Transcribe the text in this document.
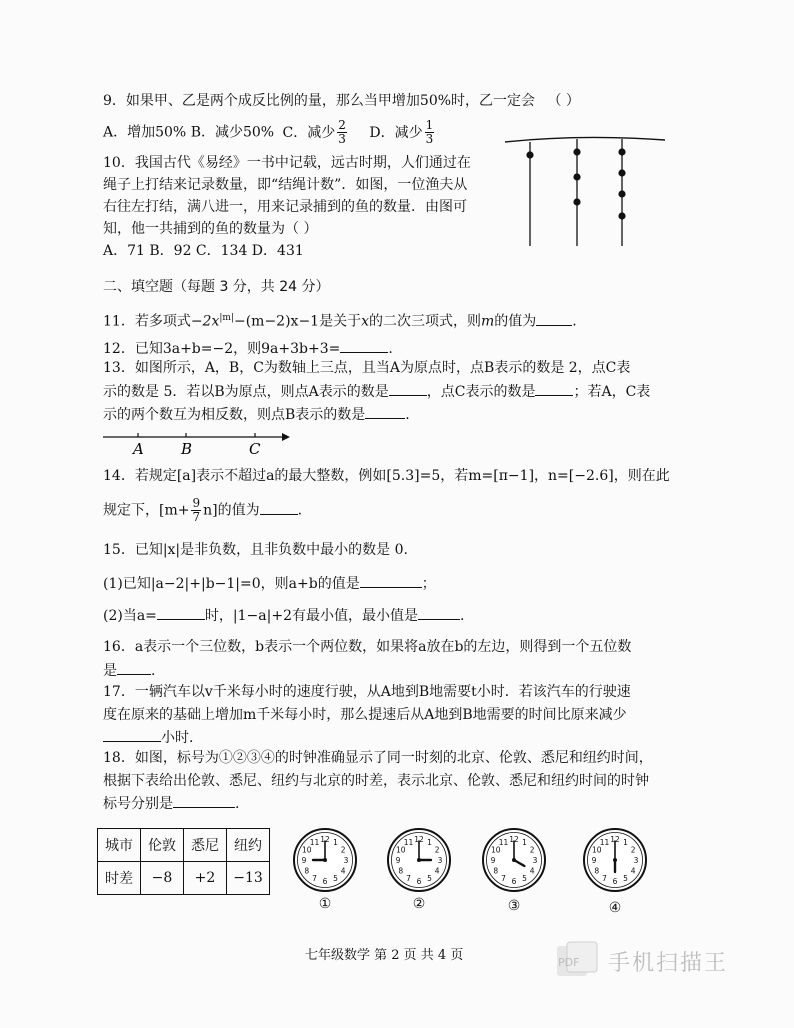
9．如果甲、乙是两个成反比例的量，那么当甲增加50%时，乙一定会 （ ）
A．增加50% B．减少50% C．减少 $\frac{2}{3}$ D．减少 $\frac{1}{3}$
10．我国古代《易经》一书中记载，远古时期，人们通过在
绳子上打结来记录数量，即“结绳计数”．如图，一位渔夫从
右往左打结，满八进一，用来记录捕到的鱼的数量．由图可
知，他一共捕到的鱼的数量为（ ）
A．71 B．92 C．134 D．431
二、填空题（每题 3 分，共 24 分）
11．若多项式$-2x^{|m|}-(m-2)x-1$是关于x的二次三项式，则m的值为	.
12．已知3a+b=−2，则9a+3b+3=	.
13．如图所示，A，B，C为数轴上三点，且当A为原点时，点B表示的数是 2，点C表
示的数是 5．若以B为原点，则点A表示的数是	，点C表示的数是	；若A，C表
示的两个数互为相反数，则点B表示的数是	.
A B	C
14．若规定[a]表示不超过a的最大整数，例如[5.3]=5，若m=[π−1]，n=[−2.6]，则在此
规定下，$[m+ \frac{9}{7} n]$的值为	.
15．已知|x|是非负数，且非负数中最小的数是 0.
(1)已知|a−2|+|b−1|=0，则a+b的值是	；
(2)当a=	时，|1−a|+2有最小值，最小值是	.
16．a表示一个三位数，b表示一个两位数，如果将a放在b的左边，则得到一个五位数
是 .
17．一辆汽车以v千米每小时的速度行驶，从A地到B地需要t小时．若该汽车的行驶速
度在原来的基础上增加m千米每小时，那么提速后从A地到B地需要的时间比原来减少
小时.
18．如图，标号为①②③④的时钟准确显示了同一时刻的北京、伦敦、悉尼和纽约时间，
根据下表给出伦敦、悉尼、纽约与北京的时差，表示北京、伦敦、悉尼和纽约时间的时钟
标号分别是	.
城市	伦敦	悉尼	纽约
时差	−8	+2	−13
12 1
2
3
4
5
6
7
8
9
10
11	12 1
2
3
4
5
6
7
8
9
10
11	12 1
2
3
4
5
6
7
8
9
10
11	12 1
2
3
4
5
6
7
8
9
10
11
①	②	③	④
七年级数学 第 2 页 共 4 页	PDF 手机扫描王
